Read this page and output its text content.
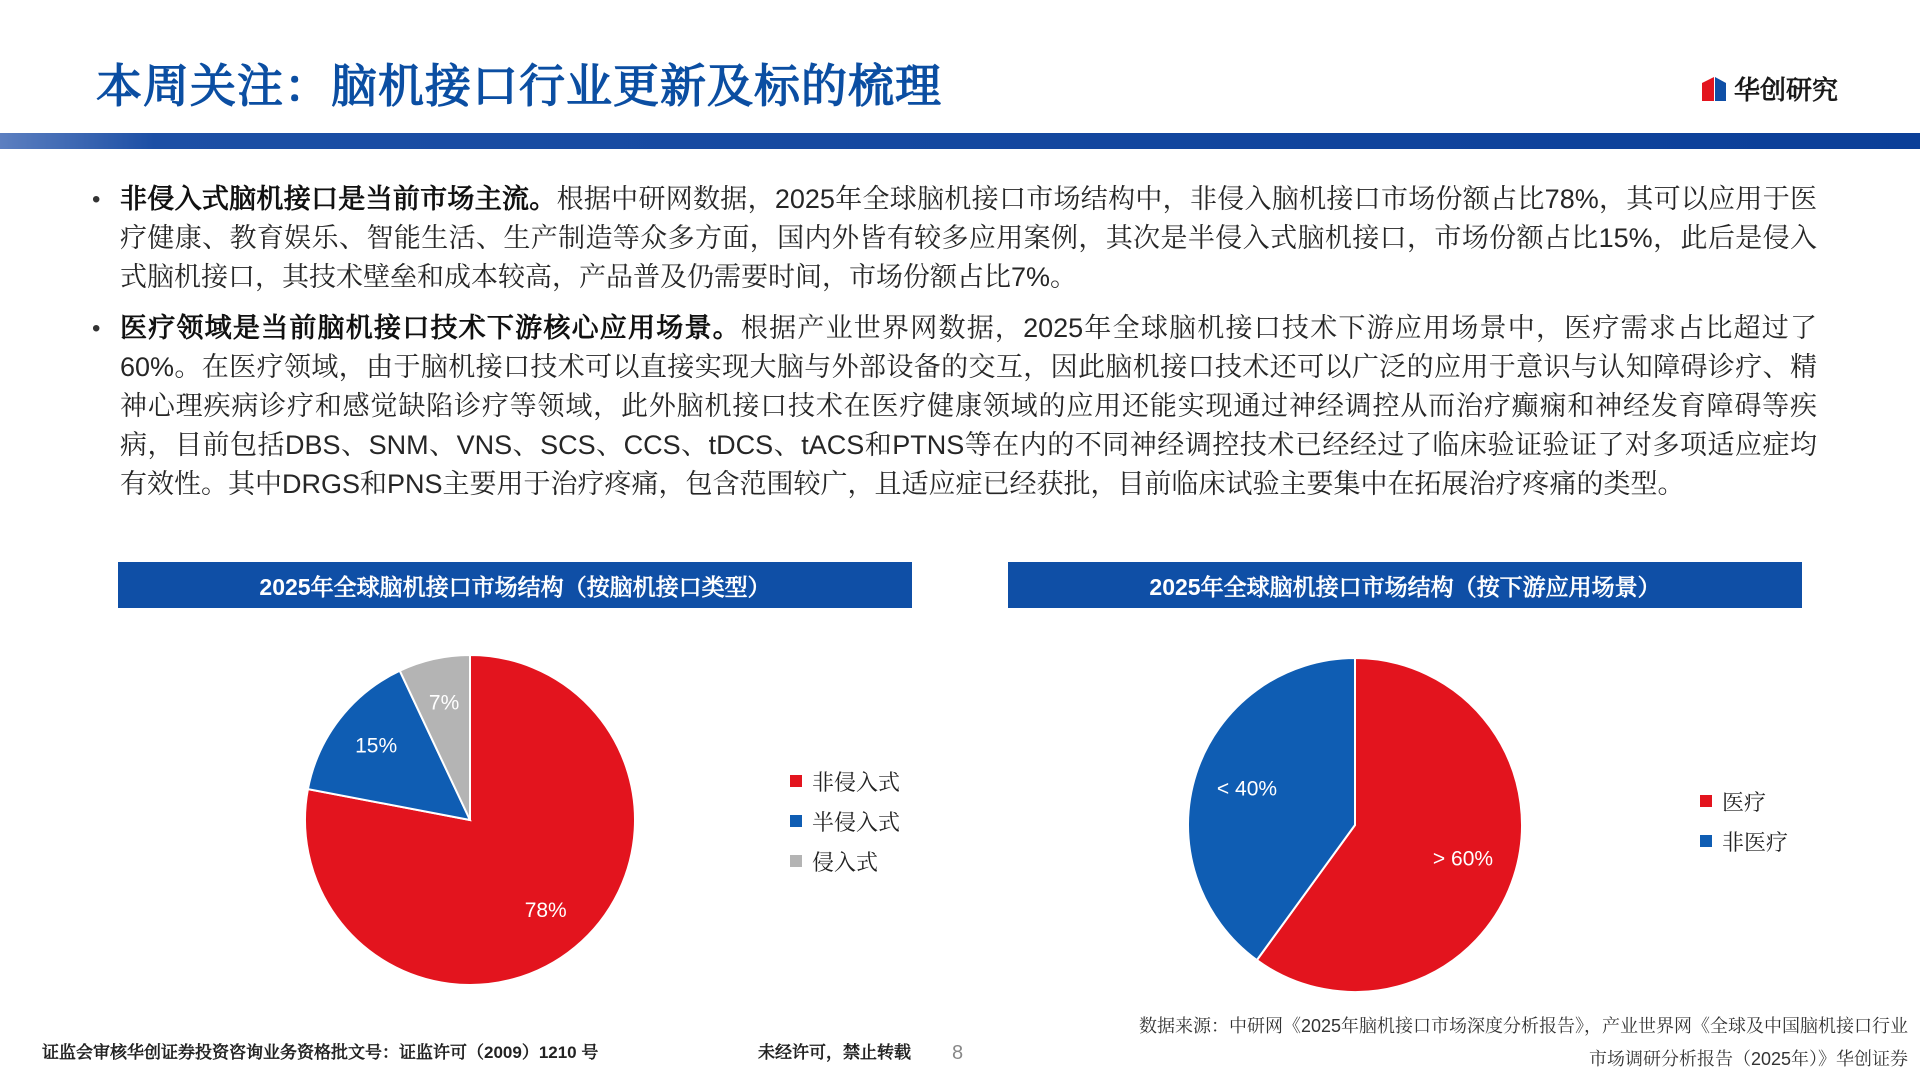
本周关注：脑机接口行业更新及标的梳理	华创研究
• 非侵入式脑机接口是当前市场主流。根据中研网数据，2025年全球脑机接口市场结构中，非侵入脑机接口市场份额占比78%，其可以应用于医疗健康、教育娱乐、智能生活、生产制造等众多方面，国内外皆有较多应用案例，其次是半侵入式脑机接口，市场份额占比15%，此后是侵入式脑机接口，其技术壁垒和成本较高，产品普及仍需要时间，市场份额占比7%。
• 医疗领域是当前脑机接口技术下游核心应用场景。根据产业世界网数据，2025年全球脑机接口技术下游应用场景中，医疗需求占比超过了60%。在医疗领域，由于脑机接口技术可以直接实现大脑与外部设备的交互，因此脑机接口技术还可以广泛的应用于意识与认知障碍诊疗、精神心理疾病诊疗和感觉缺陷诊疗等领域，此外脑机接口技术在医疗健康领域的应用还能实现通过神经调控从而治疗癫痫和神经发育障碍等疾病，目前包括DBS、SNM、VNS、SCS、CCS、tDCS、tACS和PTNS等在内的不同神经调控技术已经经过了临床验证验证了对多项适应症均有效性。其中DRGS和PNS主要用于治疗疼痛，包含范围较广，且适应症已经获批，目前临床试验主要集中在拓展治疗疼痛的类型。
2025年全球脑机接口市场结构（按脑机接口类型）	2025年全球脑机接口市场结构（按下游应用场景）
78%
15%
7%
> 60%
< 40%
非侵入式
半侵入式
侵入式
医疗
非医疗
证监会审核华创证券投资咨询业务资格批文号：证监许可（2009）1210 号	未经许可，禁止转载 8
数据来源：中研网《2025年脑机接口市场深度分析报告》，产业世界网《全球及中国脑机接口行业
市场调研分析报告（2025年）》华创证券
